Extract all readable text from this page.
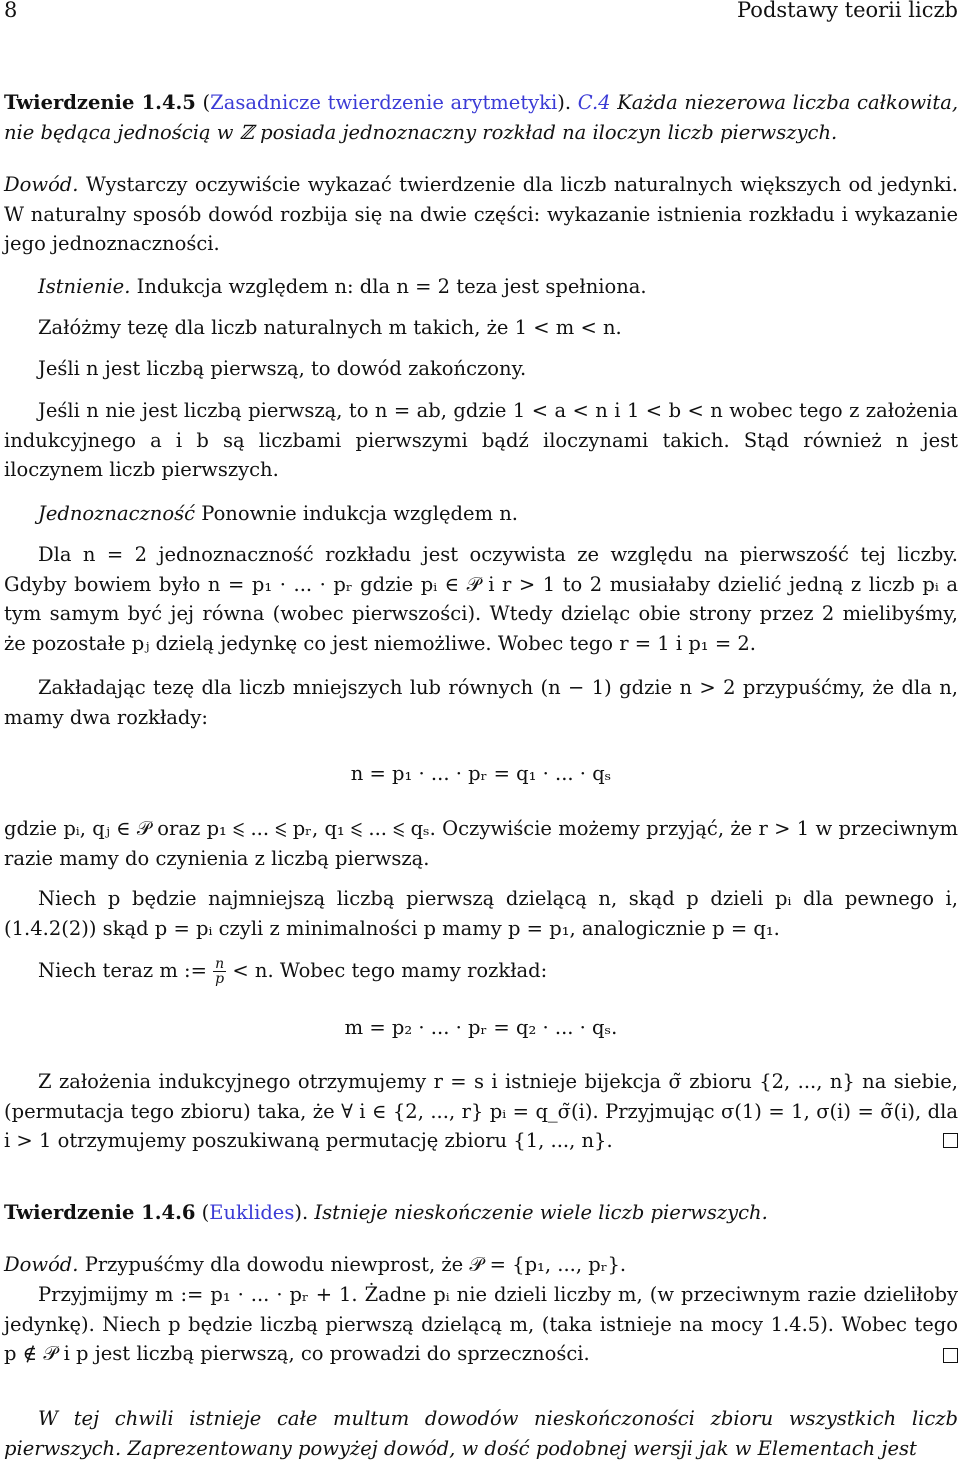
8	Podstawy teorii liczb
Twierdzenie 1.4.5 (Zasadnicze twierdzenie arytmetyki). C.4 Każda niezerowa liczba całkowita, nie będąca jednością w ℤ posiada jednoznaczny rozkład na iloczyn liczb pierwszych.
Dowód. Wystarczy oczywiście wykazać twierdzenie dla liczb naturalnych większych od jedynki. W naturalny sposób dowód rozbija się na dwie części: wykazanie istnienia rozkładu i wykazanie jego jednoznaczności.
Istnienie. Indukcja względem n: dla n = 2 teza jest spełniona.
Załóżmy tezę dla liczb naturalnych m takich, że 1 < m < n.
Jeśli n jest liczbą pierwszą, to dowód zakończony.
Jeśli n nie jest liczbą pierwszą, to n = ab, gdzie 1 < a < n i 1 < b < n wobec tego z założenia indukcyjnego a i b są liczbami pierwszymi bądź iloczynami takich. Stąd również n jest iloczynem liczb pierwszych.
Jednoznaczność Ponownie indukcja względem n.
Dla n = 2 jednoznaczność rozkładu jest oczywista ze względu na pierwszość tej liczby. Gdyby bowiem było n = p₁ · ... · pᵣ gdzie pᵢ ∈ 𝒫 i r > 1 to 2 musiałaby dzielić jedną z liczb pᵢ a tym samym być jej równa (wobec pierwszości). Wtedy dzieląc obie strony przez 2 mielibyśmy, że pozostałe pⱼ dzielą jedynkę co jest niemożliwe. Wobec tego r = 1 i p₁ = 2.
Zakładając tezę dla liczb mniejszych lub równych (n − 1) gdzie n > 2 przypuśćmy, że dla n, mamy dwa rozkłady:
n = p₁ · ... · pᵣ = q₁ · ... · qₛ
gdzie pᵢ, qⱼ ∈ 𝒫 oraz p₁ ⩽ ... ⩽ pᵣ, q₁ ⩽ ... ⩽ qₛ. Oczywiście możemy przyjąć, że r > 1 w przeciwnym razie mamy do czynienia z liczbą pierwszą.
Niech p będzie najmniejszą liczbą pierwszą dzielącą n, skąd p dzieli pᵢ dla pewnego i, (1.4.2(2)) skąd p = pᵢ czyli z minimalności p mamy p = p₁, analogicznie p = q₁.
Niech teraz m := $\frac{n}{p} < n$. Wobec tego mamy rozkład:
m = p₂ · ... · pᵣ = q₂ · ... · qₛ.
Z założenia indukcyjnego otrzymujemy r = s i istnieje bijekcja σ̃ zbioru {2, ..., n} na siebie, (permutacja tego zbioru) taka, że ∀ i ∈ {2, ..., r} pᵢ = q_σ̃(i). Przyjmując σ(1) = 1, σ(i) = σ̃(i), dla i > 1 otrzymujemy poszukiwaną permutację zbioru {1, ..., n}.
Twierdzenie 1.4.6 (Euklides). Istnieje nieskończenie wiele liczb pierwszych.
Dowód. Przypuśćmy dla dowodu niewprost, że 𝒫 = {p₁, ..., pᵣ}.
Przyjmijmy m := p₁ · ... · pᵣ + 1. Żadne pᵢ nie dzieli liczby m, (w przeciwnym razie dzieliłoby jedynkę). Niech p będzie liczbą pierwszą dzielącą m, (taka istnieje na mocy 1.4.5). Wobec tego p ∉ 𝒫 i p jest liczbą pierwszą, co prowadzi do sprzeczności.
W tej chwili istnieje całe multum dowodów nieskończoności zbioru wszystkich liczb pierwszych. Zaprezentowany powyżej dowód, w dość podobnej wersji jak w Elementach jest
